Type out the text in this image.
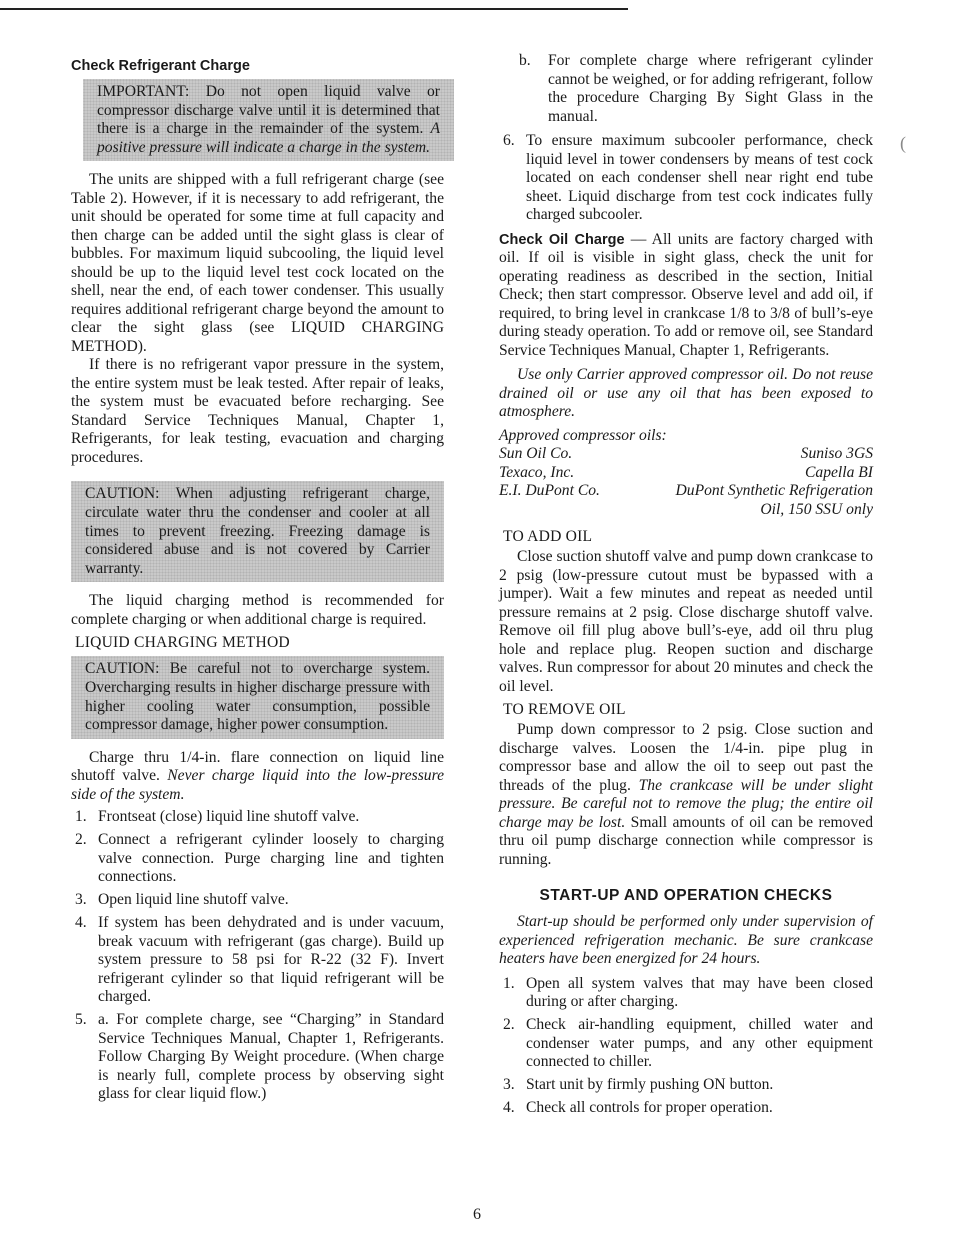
Check Refrigerant Charge
IMPORTANT: Do not open liquid valve or compressor discharge valve until it is determined that there is a charge in the remainder of the system. A positive pressure will indicate a charge in the system.

The units are shipped with a full refrigerant charge (see Table 2). However, if it is necessary to add refrigerant, the unit should be operated for some time at full capacity and then charge can be added until the sight glass is clear of bubbles. For maximum liquid subcooling, the liquid level should be up to the liquid level test cock located on the shell, near the end, of each tower condenser. This usually requires additional refrigerant charge beyond the amount to clear the sight glass (see LIQUID CHARGING METHOD).

If there is no refrigerant vapor pressure in the system, the entire system must be leak tested. After repair of leaks, the system must be evacuated before recharging. See Standard Service Techniques Manual, Chapter 1, Refrigerants, for leak testing, evacuation and charging procedures.

CAUTION: When adjusting refrigerant charge, circulate water thru the condenser and cooler at all times to prevent freezing. Freezing damage is considered abuse and is not covered by Carrier warranty.

The liquid charging method is recommended for complete charging or when additional charge is required.

LIQUID CHARGING METHOD
CAUTION: Be careful not to overcharge system. Overcharging results in higher discharge pressure with higher cooling water consumption, possible compressor damage, higher power consumption.

Charge thru 1/4-in. flare connection on liquid line shutoff valve. Never charge liquid into the low-pressure side of the system.

1. Frontseat (close) liquid line shutoff valve.
2. Connect a refrigerant cylinder loosely to charging valve connection. Purge charging line and tighten connections.
3. Open liquid line shutoff valve.
4. If system has been dehydrated and is under vacuum, break vacuum with refrigerant (gas charge). Build up system pressure to 58 psi for R-22 (32 F). Invert refrigerant cylinder so that liquid refrigerant will be charged.
5. a. For complete charge, see “Charging” in Standard Service Techniques Manual, Chapter 1, Refrigerants. Follow Charging By Weight procedure. (When charge is nearly full, complete process by observing sight glass for clear liquid flow.)
b. For complete charge where refrigerant cylinder cannot be weighed, or for adding refrigerant, follow the procedure Charging By Sight Glass in the manual.
6. To ensure maximum subcooler performance, check liquid level in tower condensers by means of test cock located on each condenser shell near right end tube sheet. Liquid discharge from test cock indicates fully charged subcooler.

Check Oil Charge — All units are factory charged with oil. If oil is visible in sight glass, check the unit for operating readiness as described in the section, Initial Check; then start compressor. Observe level and add oil, if required, to bring level in crankcase 1/8 to 3/8 of bull’s-eye during steady operation. To add or remove oil, see Standard Service Techniques Manual, Chapter 1, Refrigerants.

Use only Carrier approved compressor oil. Do not reuse drained oil or use any oil that has been exposed to atmosphere.

Approved compressor oils:

Sun Oil Co.	Suniso 3GS
Texaco, Inc.	Capella BI
E.I. DuPont Co.	DuPont Synthetic Refrigeration Oil, 150 SSU only
TO ADD OIL

Close suction shutoff valve and pump down crankcase to 2 psig (low-pressure cutout must be bypassed with a jumper). Wait a few minutes and repeat as needed until pressure remains at 2 psig. Close discharge shutoff valve. Remove oil fill plug above bull’s-eye, add oil thru plug hole and replace plug. Reopen suction and discharge valves. Run compressor for about 20 minutes and check the oil level.

TO REMOVE OIL

Pump down compressor to 2 psig. Close suction and discharge valves. Loosen the 1/4-in. pipe plug in compressor base and allow the oil to seep out past the threads of the plug. The crankcase will be under slight pressure. Be careful not to remove the plug; the entire oil charge may be lost. Small amounts of oil can be removed thru oil pump discharge connection while compressor is running.

START-UP AND OPERATION CHECKS

Start-up should be performed only under supervision of experienced refrigeration mechanic. Be sure crankcase heaters have been energized for 24 hours.

1. Open all system valves that may have been closed during or after charging.
2. Check air-handling equipment, chilled water and condenser water pumps, and any other equipment connected to chiller.
3. Start unit by firmly pushing ON button.
4. Check all controls for proper operation.
(
6
